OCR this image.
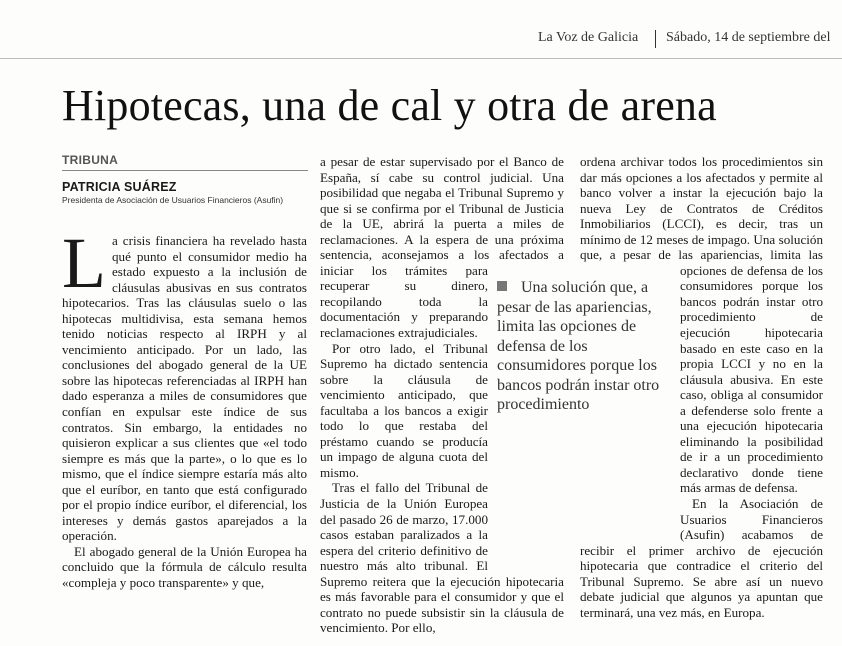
La Voz de Galicia Sábado, 14 de septiembre del
Hipotecas, una de cal y otra de arena
TRIBUNA
PATRICIA SUÁREZ
Presidenta de Asociación de Usuarios Financieros (Asufin)

La crisis financiera ha revelado hasta qué punto el consumidor medio ha estado expuesto a la inclusión de cláusulas abusivas en sus contratos hipotecarios. Tras las cláusulas suelo o las hipotecas multidivisa, esta semana hemos tenido noticias respecto al IRPH y al vencimiento anticipado. Por un lado, las conclusiones del abogado general de la UE sobre las hipotecas referenciadas al IRPH han dado esperanza a miles de consumidores que confían en expulsar este índice de sus contratos. Sin embargo, la entidades no quisieron explicar a sus clientes que «el todo siempre es más que la parte», o lo que es lo mismo, que el índice siempre estaría más alto que el euríbor, en tanto que está configurado por el propio índice euríbor, el diferencial, los intereses y demás gastos aparejados a la operación.

El abogado general de la Unión Europea ha concluido que la fórmula de cálculo resulta «compleja y poco transparente» y que,

a pesar de estar supervisado por el Banco de España, sí cabe su control judicial. Una posibilidad que negaba el Tribunal Supremo y que si se confirma por el Tribunal de Justicia de la UE, abrirá la puerta a miles de reclamaciones. A la espera de una próxima sentencia, aconsejamos a los afectados a iniciar los trámites para recuperar su dinero, recopilando toda la documentación y preparando reclamaciones extrajudiciales.

Por otro lado, el Tribunal Supremo ha dictado sentencia sobre la cláusula de vencimiento anticipado, que facultaba a los bancos a exigir todo lo que restaba del préstamo cuando se producía un impago de alguna cuota del mismo.

Tras el fallo del Tribunal de Justicia de la Unión Europea del pasado 26 de marzo, 17.000 casos estaban paralizados a la espera del criterio definitivo de nuestro más alto tribunal. El Supremo reitera que la ejecución hipotecaria es más favorable para el consumidor y que el contrato no puede subsistir sin la cláusula de vencimiento. Por ello,

ordena archivar todos los procedimientos sin dar más opciones a los afectados y permite al banco volver a instar la ejecución bajo la nueva Ley de Contratos de Créditos Inmobiliarios (LCCI), es decir, tras un mínimo de 12 meses de impago. Una solución que, a pesar de las apariencias, limita las opciones de defensa de los consumidores porque los bancos podrán instar otro procedimiento de ejecución hipotecaria basado en este caso en la propia LCCI y no en la cláusula abusiva. En este caso, obliga al consumidor a defenderse solo frente a una ejecución hipotecaria eliminando la posibilidad de ir a un procedimiento declarativo donde tiene más armas de defensa.

En la Asociación de Usuarios Financieros (Asufin) acabamos de recibir el primer archivo de ejecución hipotecaria que contradice el criterio del Tribunal Supremo. Se abre así un nuevo debate judicial que algunos ya apuntan que terminará, una vez más, en Europa.

Una solución que, a pesar de las apariencias, limita las opciones de defensa de los consumidores porque los bancos podrán instar otro procedimiento
